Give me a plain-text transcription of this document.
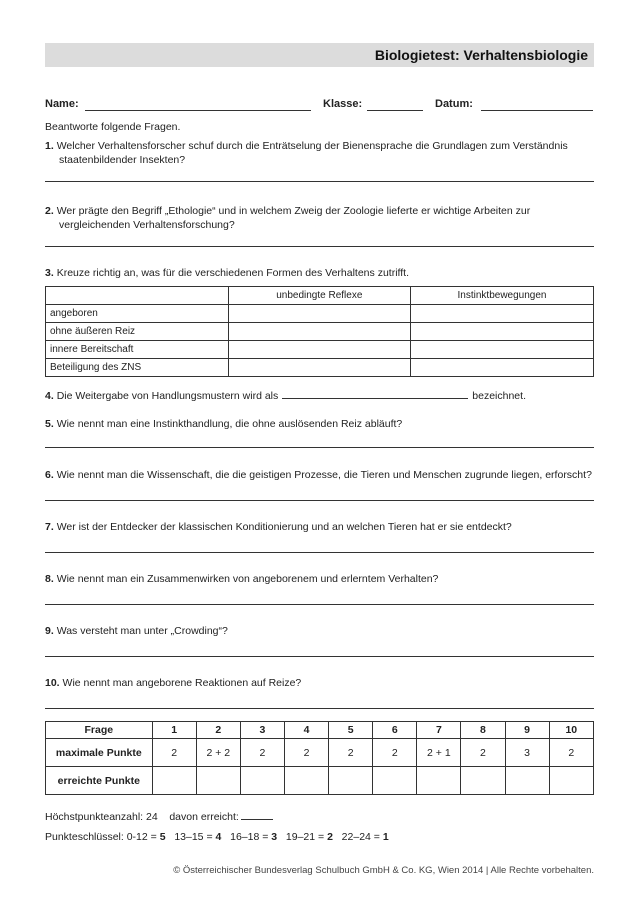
Biologietest: Verhaltensbiologie
Name:	Klasse:	Datum:
Beantworte folgende Fragen.
1. Welcher Verhaltensforscher schuf durch die Enträtselung der Bienensprache die Grundlagen zum Verständnis staatenbildender Insekten?
2. Wer prägte den Begriff „Ethologie“ und in welchem Zweig der Zoologie lieferte er wichtige Arbeiten zur vergleichenden Verhaltensforschung?
3. Kreuze richtig an, was für die verschiedenen Formen des Verhaltens zutrifft.
	unbedingte Reflexe	Instinktbewegungen
angeboren		
ohne äußeren Reiz		
innere Bereitschaft		
Beteiligung des ZNS		
4. Die Weitergabe von Handlungsmustern wird als	bezeichnet.
5. Wie nennt man eine Instinkthandlung, die ohne auslösenden Reiz abläuft?
6. Wie nennt man die Wissenschaft, die die geistigen Prozesse, die Tieren und Menschen zugrunde liegen, erforscht?
7. Wer ist der Entdecker der klassischen Konditionierung und an welchen Tieren hat er sie entdeckt?
8. Wie nennt man ein Zusammenwirken von angeborenem und erlerntem Verhalten?
9. Was versteht man unter „Crowding“?
10. Wie nennt man angeborene Reaktionen auf Reize?
Frage	1	2	3	4	5	6	7	8	9	10
maximale Punkte	2	2 + 2	2	2	2	2	2 + 1	2	3	2
erreichte Punkte										
Höchstpunkteanzahl: 24 davon erreicht:
Punkteschlüssel: 0-12 = 5 13–15 = 4 16–18 = 3 19–21 = 2 22–24 = 1
© Österreichischer Bundesverlag Schulbuch GmbH & Co. KG, Wien 2014 | Alle Rechte vorbehalten.
